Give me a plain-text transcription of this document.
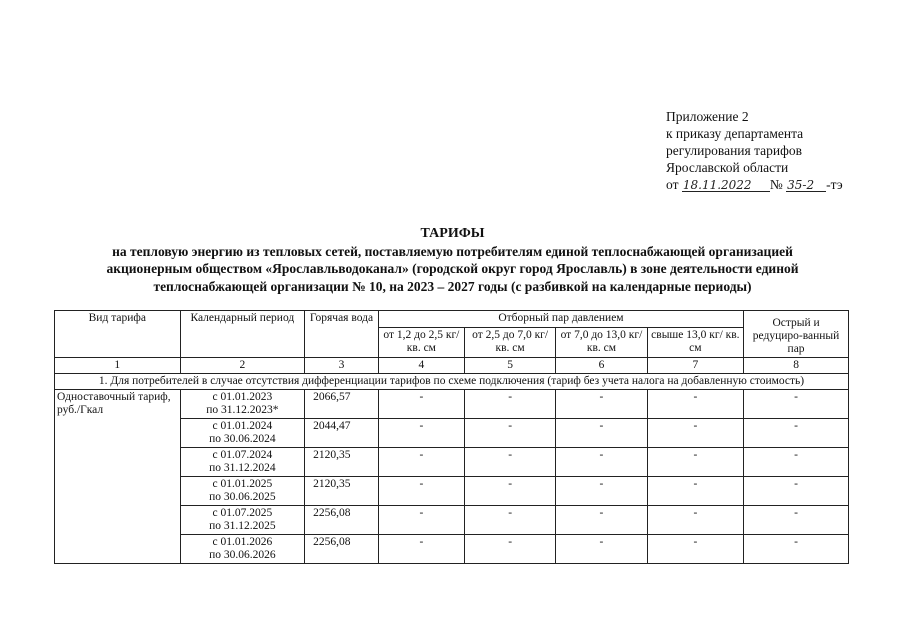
Приложение 2
к приказу департамента
регулирования тарифов
Ярославской области
от 18.11.2022 № 35-2 -тэ
ТАРИФЫ
на тепловую энергию из тепловых сетей, поставляемую потребителям единой теплоснабжающей организацией
акционерным обществом «Ярославльводоканал» (городской округ город Ярославль) в зоне деятельности единой
теплоснабжающей организации № 10, на 2023 – 2027 годы (с разбивкой на календарные периоды)
Вид тарифа	Календарный период	Горячая вода	Отборный пар давлением				Острый и редуциро-ванный пар
			от 1,2 до 2,5 кг/ кв. см	от 2,5 до 7,0 кг/ кв. см	от 7,0 до 13,0 кг/ кв. см	свыше 13,0 кг/ кв. см	
1	2	3	4	5	6	7	8
1. Для потребителей в случае отсутствия дифференциации тарифов по схеме подключения (тариф без учета налога на добавленную стоимость)							
Одноставочный тариф, руб./Гкал	с 01.01.2023
по 31.12.2023*	2066,57	-	-	-	-	-
	с 01.01.2024
по 30.06.2024	2044,47	-	-	-	-	-
	с 01.07.2024
по 31.12.2024	2120,35	-	-	-	-	-
	с 01.01.2025
по 30.06.2025	2120,35	-	-	-	-	-
	с 01.07.2025
по 31.12.2025	2256,08	-	-	-	-	-
	с 01.01.2026
по 30.06.2026	2256,08	-	-	-	-	-
